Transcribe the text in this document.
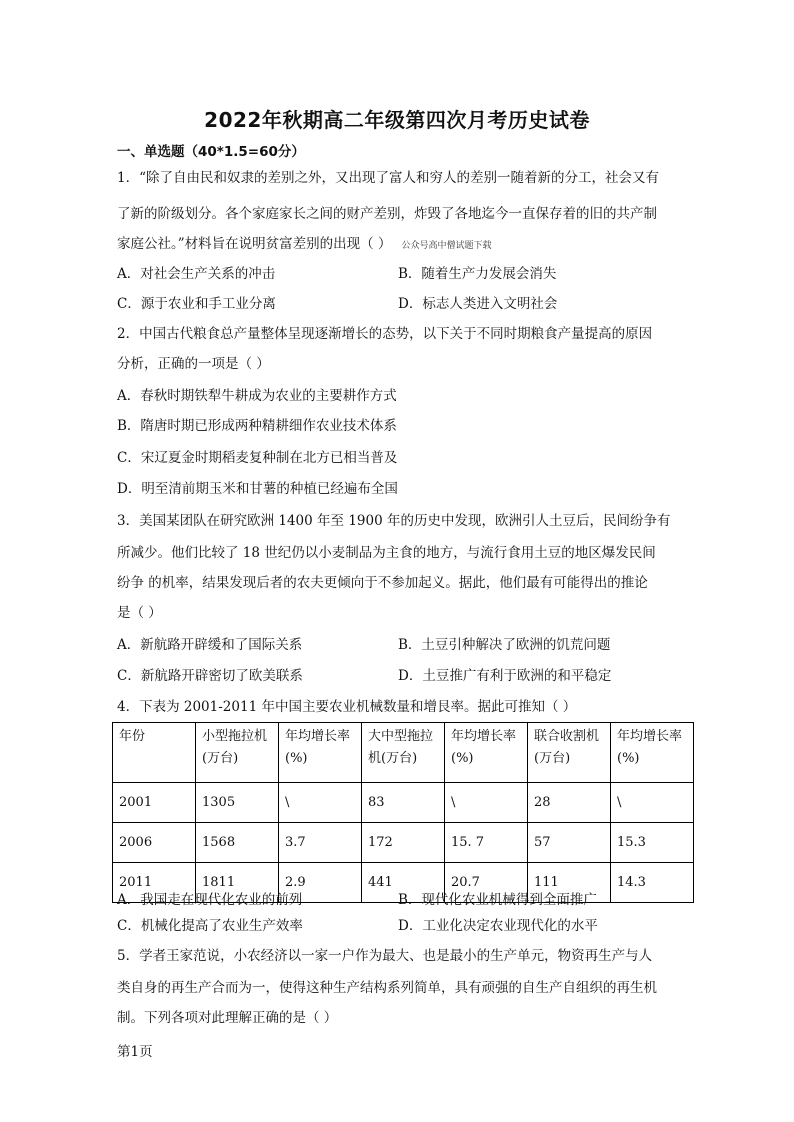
2022年秋期高二年级第四次月考历史试卷
一、单选题（40*1.5=60分）
1．“除了自由民和奴隶的差别之外，又出现了富人和穷人的差别一随着新的分工，社会又有
了新的阶级划分。各个家庭家长之间的财产差别，炸毁了各地迄今一直保存着的旧的共产制
家庭公社。”材料旨在说明贫富差别的出现（ ） 公众号高中僧试题下载
A．对社会生产关系的冲击	B．随着生产力发展会消失
C．源于农业和手工业分离	D．标志人类进入文明社会
2．中国古代粮食总产量整体呈现逐渐增长的态势，以下关于不同时期粮食产量提高的原因
分析，正确的一项是（ ）
A．春秋时期铁犁牛耕成为农业的主要耕作方式
B．隋唐时期已形成两种精耕细作农业技术体系
C．宋辽夏金时期稻麦复种制在北方已相当普及
D．明至清前期玉米和甘薯的种植已经遍布全国
3．美国某团队在研究欧洲 1400 年至 1900 年的历史中发现，欧洲引人土豆后，民间纷争有
所减少。他们比较了 18 世纪仍以小麦制品为主食的地方，与流行食用土豆的地区爆发民间
纷争 的机率，结果发现后者的农夫更倾向于不参加起义。据此，他们最有可能得出的推论
是（ ）
A．新航路开辟缓和了国际关系	B．土豆引种解决了欧洲的饥荒问题
C．新航路开辟密切了欧美联系	D．土豆推广有利于欧洲的和平稳定
4．下表为 2001-2011 年中国主要农业机械数量和增艮率。据此可推知（ ）
年份	小型拖拉机(万台)	年均增长率(%)	大中型拖拉机(万台)	年均增长率(%)	联合收割机(万台)	年均增长率(%)
2001	1305	\	83	\	28	\
2006	1568	3.7	172	15. 7	57	15.3
2011	1811	2.9	441	20.7	111	14.3
A．我国走在现代化农业的前列	B．现代化农业机械得到全面推广
C．机械化提高了农业生产效率	D．工业化决定农业现代化的水平
5．学者王家范说，小农经济以一家一户作为最大、也是最小的生产单元，物资再生产与人
类自身的再生产合而为一，使得这种生产结构系列简单，具有顽强的自生产自组织的再生机
制。下列各项对此理解正确的是（ ）
第1页
